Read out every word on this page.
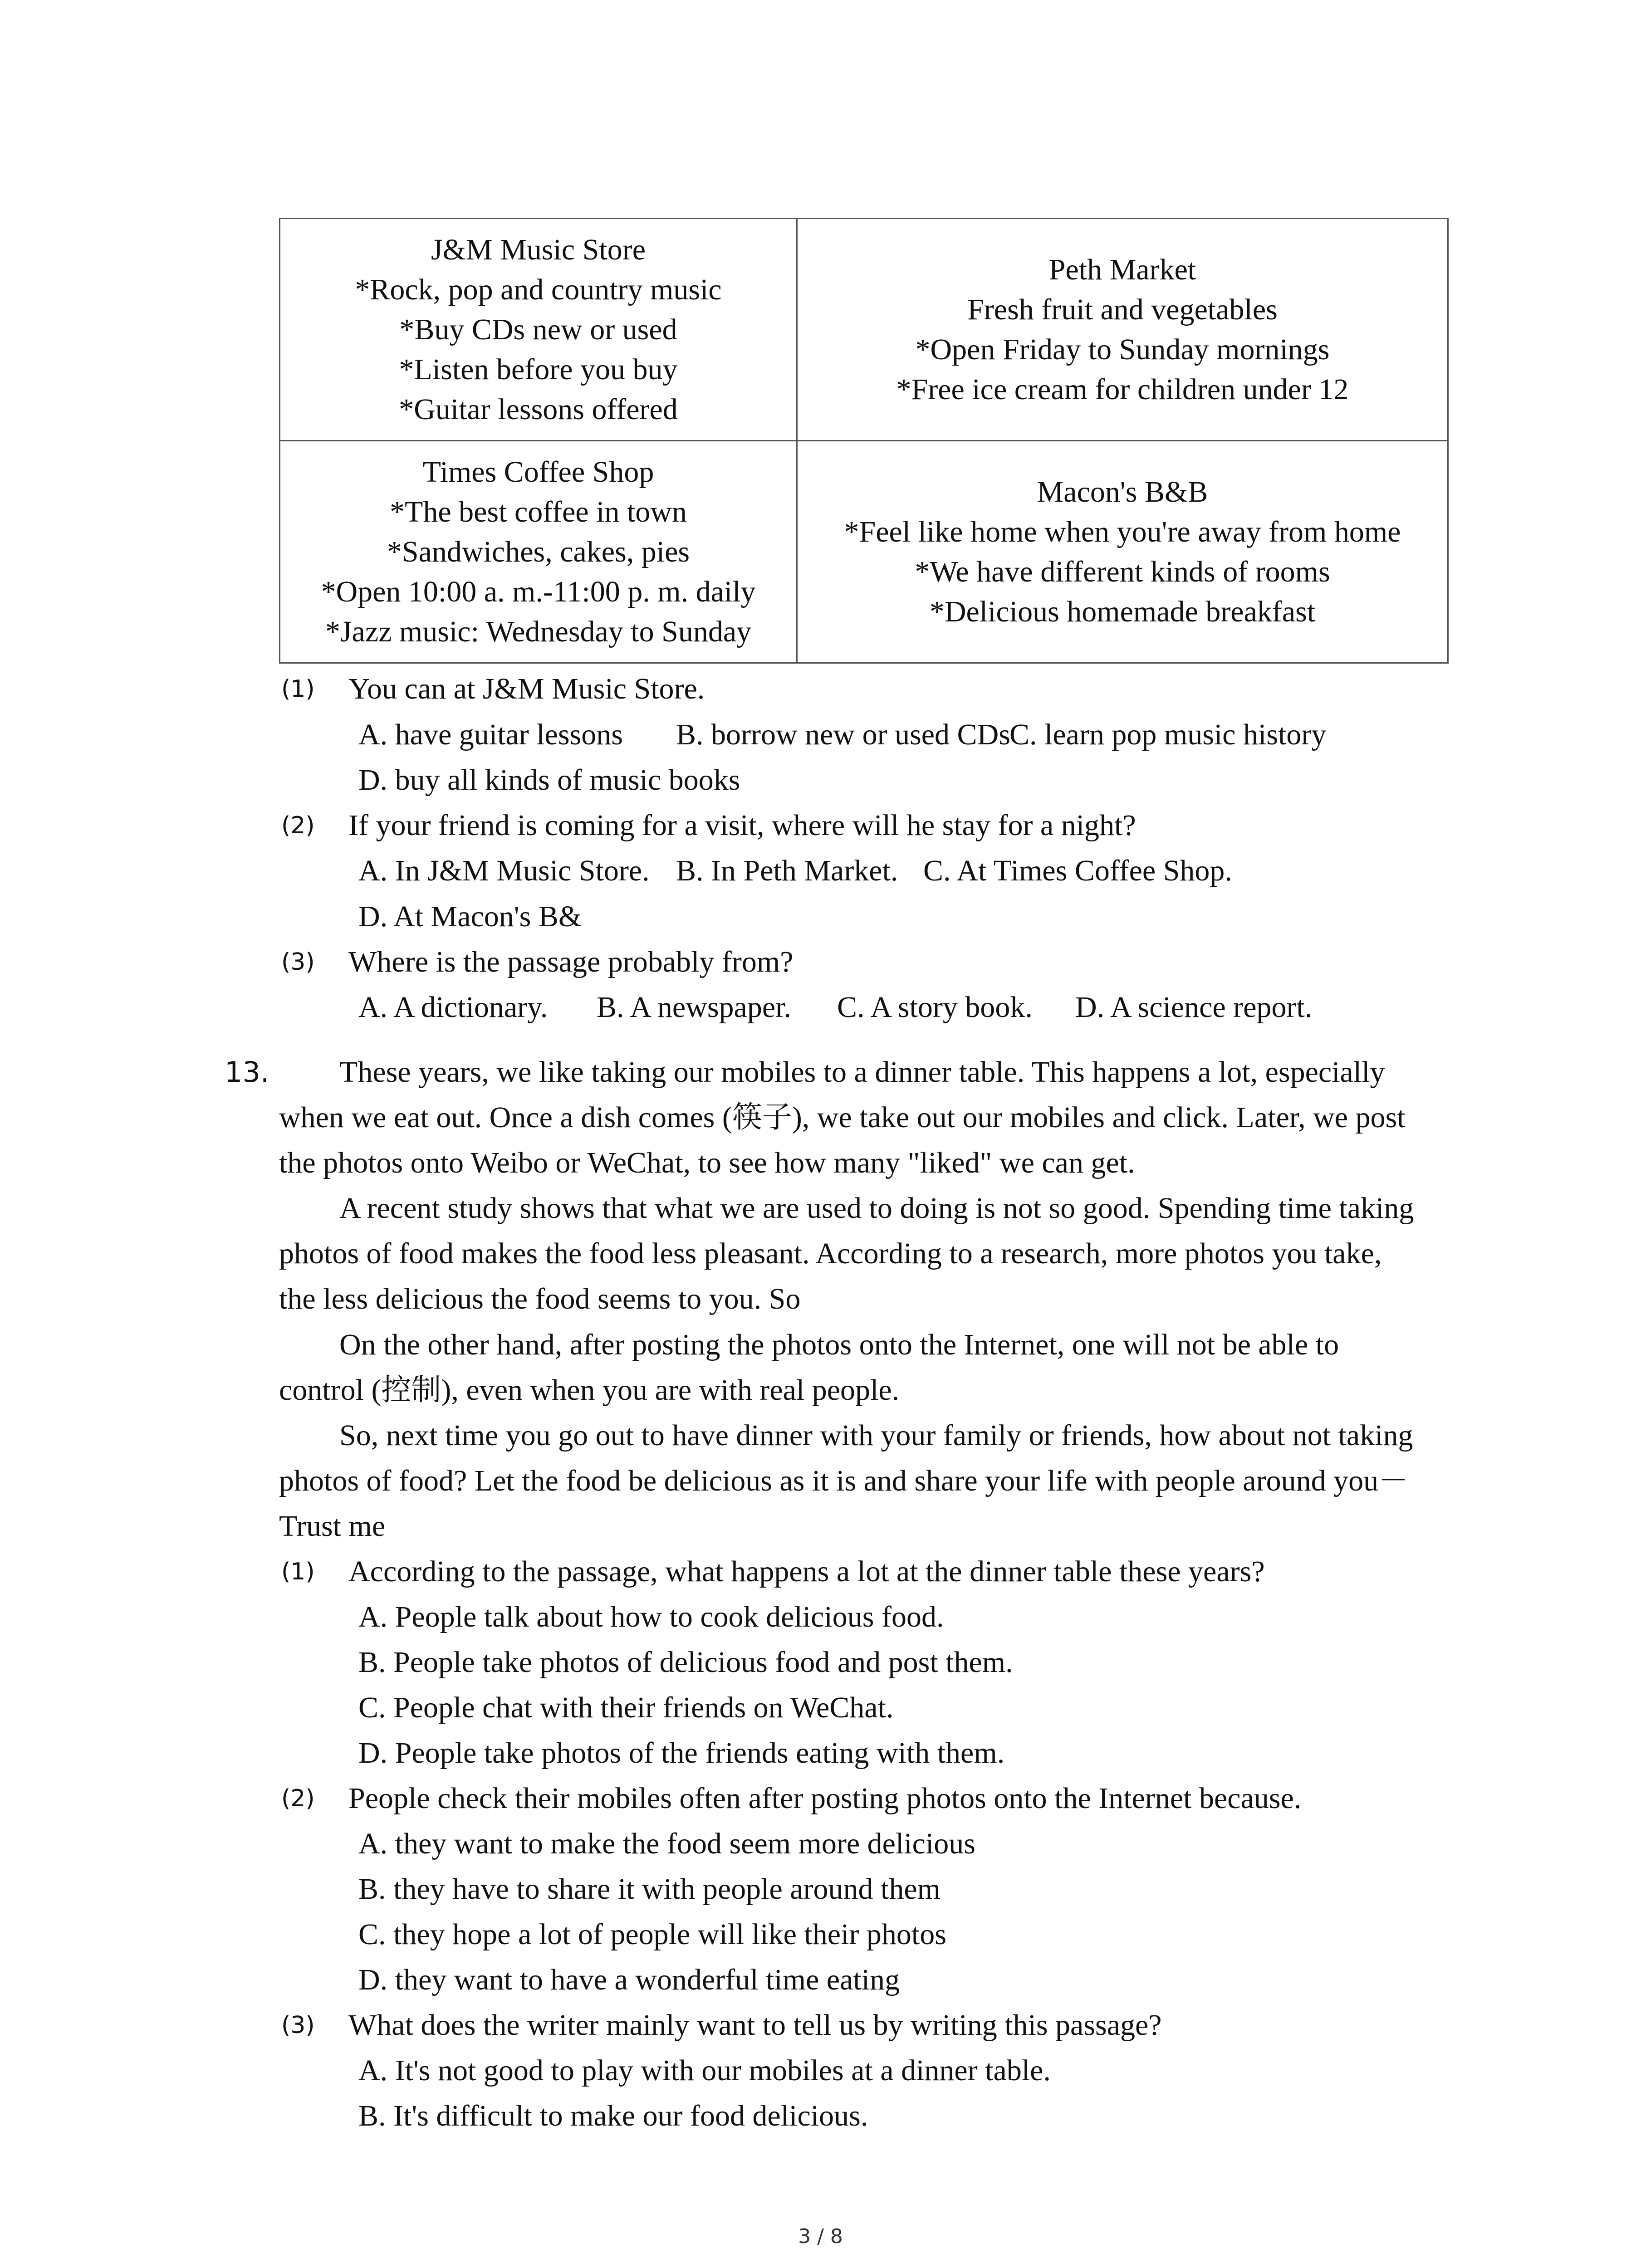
J&M Music Store
*Rock, pop and country music
*Buy CDs new or used
*Listen before you buy
*Guitar lessons offered	Peth Market
Fresh fruit and vegetables
*Open Friday to Sunday mornings
*Free ice cream for children under 12

Times Coffee Shop
*The best coffee in town
*Sandwiches, cakes, pies
*Open 10:00 a. m.-11:00 p. m. daily
*Jazz music: Wednesday to Sunday	Macon's B&B
*Feel like home when you're away from home
*We have different kinds of rooms
*Delicious homemade breakfast
(1)	You can at J&M Music Store.
A. have guitar lessons B. borrow new or used CDs
C. learn pop music history
D. buy all kinds of music books
(2)	If your friend is coming for a visit, where will he stay for a night?
A. In J&M Music Store. B. In Peth Market. C. At Times Coffee Shop.
D. At Macon's B&
(3)	Where is the passage probably from?
A. A dictionary. B. A newspaper. C. A story book. D. A science report.
13. These years, we like taking our mobiles to a dinner table. This happens a lot, especially
when we eat out. Once a dish comes (筷子), we take out our mobiles and click. Later, we post
the photos onto Weibo or WeChat, to see how many "liked" we can get.
A recent study shows that what we are used to doing is not so good. Spending time taking
photos of food makes the food less pleasant. According to a research, more photos you take,
the less delicious the food seems to you. So
On the other hand, after posting the photos onto the Internet, one will not be able to
control (控制), even when you are with real people.
So, next time you go out to have dinner with your family or friends, how about not taking
photos of food? Let the food be delicious as it is and share your life with people around you－
Trust me
(1)	According to the passage, what happens a lot at the dinner table these years?
A. People talk about how to cook delicious food.
B. People take photos of delicious food and post them.
C. People chat with their friends on WeChat.
D. People take photos of the friends eating with them.
(2)	People check their mobiles often after posting photos onto the Internet because.
A. they want to make the food seem more delicious
B. they have to share it with people around them
C. they hope a lot of people will like their photos
D. they want to have a wonderful time eating
(3)	What does the writer mainly want to tell us by writing this passage?
A. It's not good to play with our mobiles at a dinner table.
B. It's difficult to make our food delicious.
3 / 8
